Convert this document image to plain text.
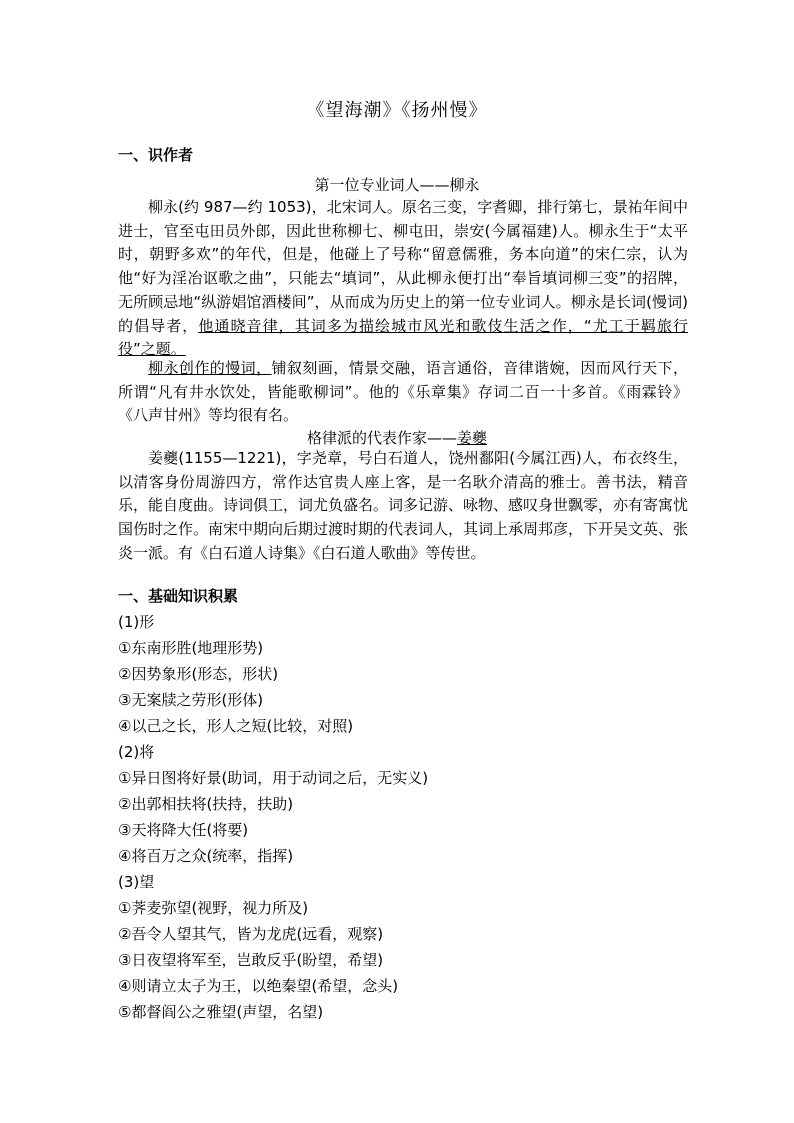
《望海潮》《扬州慢》
一、识作者
第一位专业词人——柳永
柳永(约 987—约 1053)，北宋词人。原名三变，字耆卿，排行第七，景祐年间中进士，官至屯田员外郎，因此世称柳七、柳屯田，崇安(今属福建)人。柳永生于“太平时，朝野多欢”的年代，但是，他碰上了号称“留意儒雅，务本向道”的宋仁宗，认为他“好为淫冶讴歌之曲”，只能去“填词”，从此柳永便打出“奉旨填词柳三变”的招牌，无所顾忌地“纵游娼馆酒楼间”，从而成为历史上的第一位专业词人。柳永是长词(慢词)的倡导者，他通晓音律，其词多为描绘城市风光和歌伎生活之作，“尤工于羁旅行役”之题。
柳永创作的慢词，铺叙刻画，情景交融，语言通俗，音律谐婉，因而风行天下，所谓“凡有井水饮处，皆能歌柳词”。他的《乐章集》存词二百一十多首。《雨霖铃》《八声甘州》等均很有名。
格律派的代表作家——姜夔
姜夔(1155—1221)，字尧章，号白石道人，饶州鄱阳(今属江西)人，布衣终生，以清客身份周游四方，常作达官贵人座上客，是一名耿介清高的雅士。善书法，精音乐，能自度曲。诗词俱工，词尤负盛名。词多记游、咏物、感叹身世飘零，亦有寄寓忧国伤时之作。南宋中期向后期过渡时期的代表词人，其词上承周邦彦，下开吴文英、张炎一派。有《白石道人诗集》《白石道人歌曲》等传世。
一、基础知识积累
(1)形
①东南形胜(地理形势)
②因势象形(形态，形状)
③无案牍之劳形(形体)
④以己之长，形人之短(比较，对照)
(2)将
①异日图将好景(助词，用于动词之后，无实义)
②出郭相扶将(扶持，扶助)
③天将降大任(将要)
④将百万之众(统率，指挥)
(3)望
①荠麦弥望(视野，视力所及)
②吾令人望其气，皆为龙虎(远看，观察)
③日夜望将军至，岂敢反乎(盼望，希望)
④则请立太子为王，以绝秦望(希望，念头)
⑤都督阎公之雅望(声望，名望)
